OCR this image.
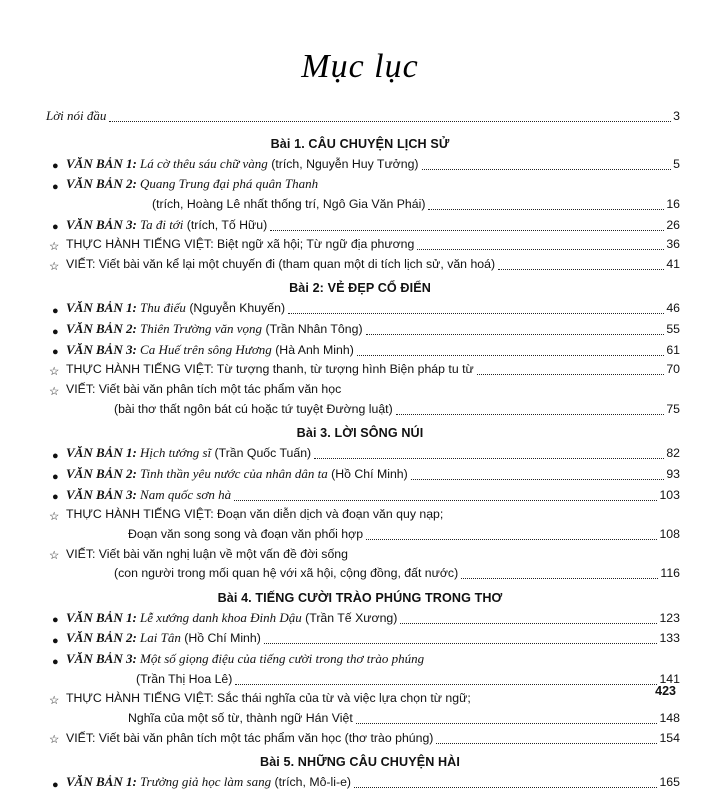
Mục lục
Lời nói đầu	3
Bài 1. CÂU CHUYỆN LỊCH SỬ
● VĂN BẢN 1: Lá cờ thêu sáu chữ vàng (trích, Nguyễn Huy Tưởng)	5
● VĂN BẢN 2: Quang Trung đại phá quân Thanh
(trích, Hoàng Lê nhất thống trí, Ngô Gia Văn Phái)	16
● VĂN BẢN 3: Ta đi tới (trích, Tố Hữu)	26
☆ THỰC HÀNH TIẾNG VIỆT: Biệt ngữ xã hội; Từ ngữ địa phương	36
☆ VIẾT: Viết bài văn kể lại một chuyến đi (tham quan một di tích lịch sử, văn hoá)	41
Bài 2: VẺ ĐẸP CỔ ĐIỂN
● VĂN BẢN 1: Thu điếu (Nguyễn Khuyến)	46
● VĂN BẢN 2: Thiên Trường văn vọng (Trần Nhân Tông)	55
● VĂN BẢN 3: Ca Huế trên sông Hương (Hà Anh Minh)	61
☆ THỰC HÀNH TIẾNG VIỆT: Từ tượng thanh, từ tượng hình Biện pháp tu từ	70
☆ VIẾT: Viết bài văn phân tích một tác phẩm văn học
(bài thơ thất ngôn bát cú hoặc tứ tuyệt Đường luật)	75
Bài 3. LỜI SÔNG NÚI
● VĂN BẢN 1: Hịch tướng sĩ (Trần Quốc Tuấn)	82
● VĂN BẢN 2: Tinh thần yêu nước của nhân dân ta (Hồ Chí Minh)	93
● VĂN BẢN 3: Nam quốc sơn hà	103
☆ THỰC HÀNH TIẾNG VIỆT: Đoạn văn diễn dịch và đoạn văn quy nạp;
Đoạn văn song song và đoạn văn phối hợp	108
☆ VIẾT: Viết bài văn nghị luận về một vấn đề đời sống
(con người trong mối quan hệ với xã hội, cộng đồng, đất nước)	116
Bài 4. TIẾNG CƯỜI TRÀO PHÚNG TRONG THƠ
● VĂN BẢN 1: Lễ xướng danh khoa Đinh Dậu (Trần Tế Xương)	123
● VĂN BẢN 2: Lai Tân (Hồ Chí Minh)	133
● VĂN BẢN 3: Một số giọng điệu của tiếng cười trong thơ trào phúng
(Trần Thị Hoa Lê)	141
☆ THỰC HÀNH TIẾNG VIỆT: Sắc thái nghĩa của từ và việc lựa chọn từ ngữ;
Nghĩa của một số từ, thành ngữ Hán Việt	148
☆ VIẾT: Viết bài văn phân tích một tác phẩm văn học (thơ trào phúng)	154
Bài 5. NHỮNG CÂU CHUYỆN HÀI
● VĂN BẢN 1: Trưởng giả học làm sang (trích, Mô-li-e)	165
423
